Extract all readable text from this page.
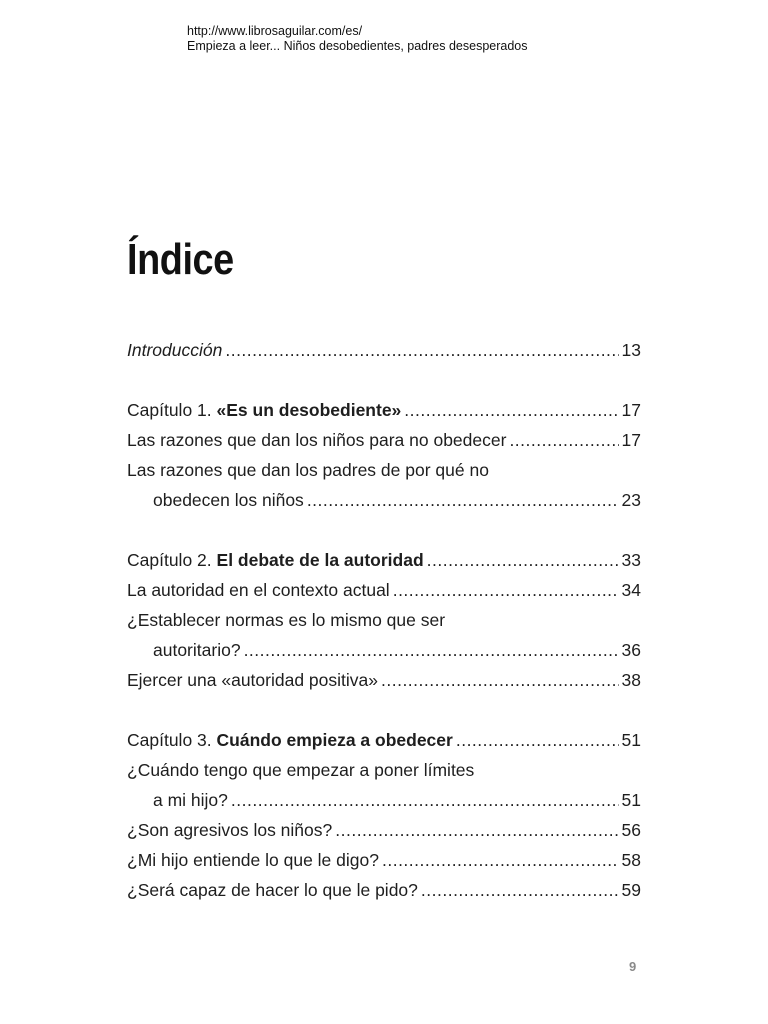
http://www.librosaguilar.com/es/
Empieza a leer... Niños desobedientes, padres desesperados
Índice
Introducción .....	13
Capítulo 1. «Es un desobediente» .....	17
Las razones que dan los niños para no obedecer .....	17
Las razones que dan los padres de por qué no
obedecen los niños .....	23
Capítulo 2. El debate de la autoridad .....	33
La autoridad en el contexto actual .....	34
¿Establecer normas es lo mismo que ser
autoritario? .....	36
Ejercer una «autoridad positiva» .....	38
Capítulo 3. Cuándo empieza a obedecer .....	51
¿Cuándo tengo que empezar a poner límites
a mi hijo? .....	51
¿Son agresivos los niños? .....	56
¿Mi hijo entiende lo que le digo? .....	58
¿Será capaz de hacer lo que le pido? .....	59
9
